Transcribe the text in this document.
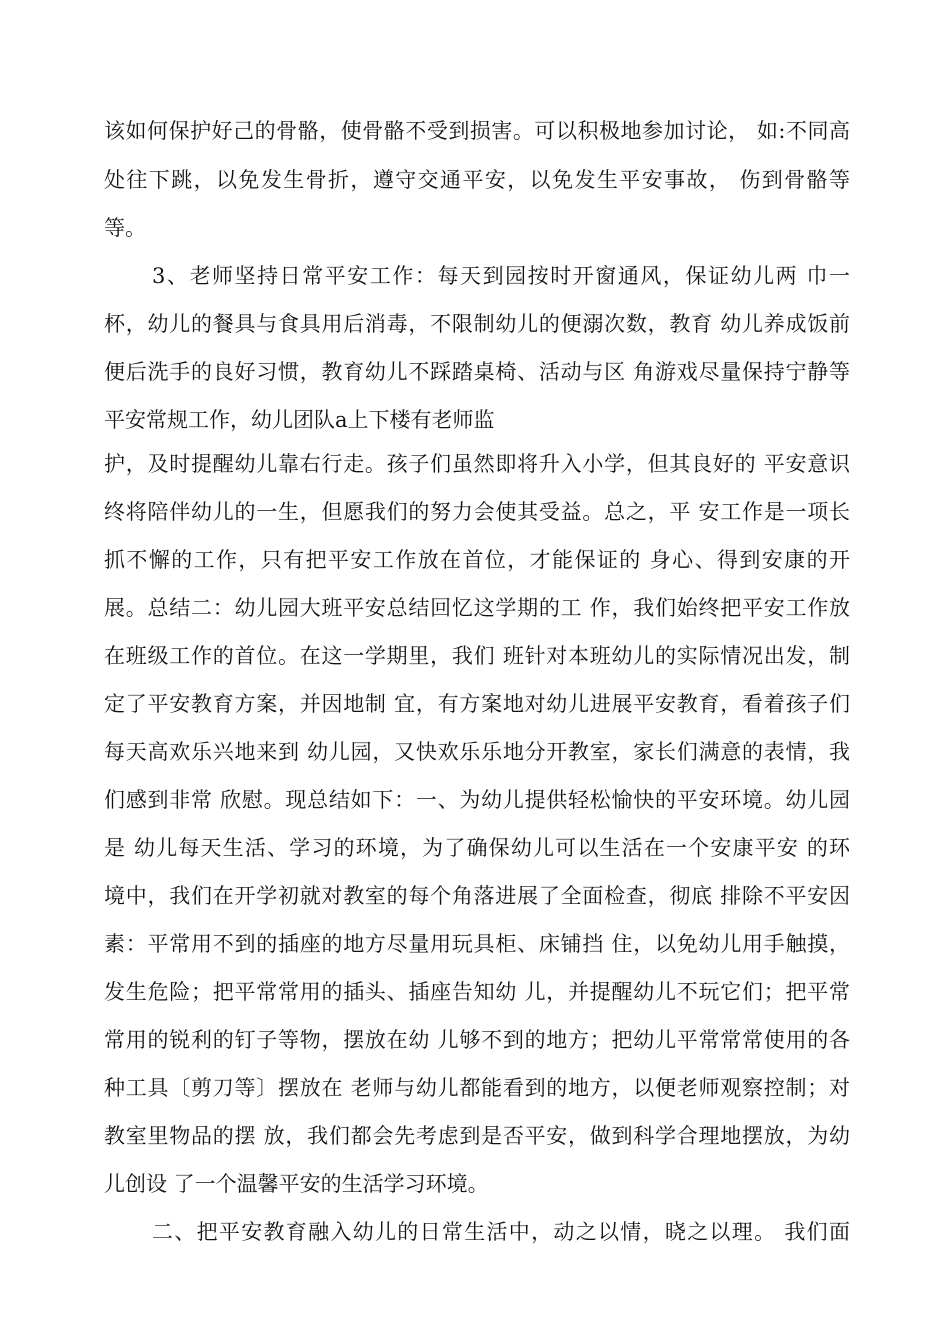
该如何保护好己的骨骼，使骨骼不受到损害。可以积极地参加讨论， 如:不同高
处往下跳，以免发生骨折，遵守交通平安，以免发生平安事故， 伤到骨骼等
等。
3、老师坚持日常平安工作：每天到园按时开窗通风，保证幼儿两 巾一
杯，幼儿的餐具与食具用后消毒，不限制幼儿的便溺次数，教育 幼儿养成饭前
便后洗手的良好习惯，教育幼儿不踩踏桌椅、活动与区 角游戏尽量保持宁静等
平安常规工作，幼儿团队a上下楼有老师监
护，及时提醒幼儿靠右行走。孩子们虽然即将升入小学，但其良好的 平安意识
终将陪伴幼儿的一生，但愿我们的努力会使其受益。总之，平 安工作是一项长
抓不懈的工作，只有把平安工作放在首位，才能保证的 身心、得到安康的开
展。总结二：幼儿园大班平安总结回忆这学期的工 作，我们始终把平安工作放
在班级工作的首位。在这一学期里，我们 班针对本班幼儿的实际情况出发，制
定了平安教育方案，并因地制 宜，有方案地对幼儿进展平安教育，看着孩子们
每天高欢乐兴地来到 幼儿园，又快欢乐乐地分开教室，家长们满意的表情，我
们感到非常 欣慰。现总结如下：一、为幼儿提供轻松愉快的平安环境。幼儿园
是 幼儿每天生活、学习的环境，为了确保幼儿可以生活在一个安康平安 的环
境中，我们在开学初就对教室的每个角落进展了全面检查，彻底 排除不平安因
素：平常用不到的插座的地方尽量用玩具柜、床铺挡 住，以免幼儿用手触摸，
发生危险；把平常常用的插头、插座告知幼 儿，并提醒幼儿不玩它们；把平常
常用的锐利的钉子等物，摆放在幼 儿够不到的地方；把幼儿平常常常使用的各
种工具〔剪刀等〕摆放在 老师与幼儿都能看到的地方，以便老师观察控制；对
教室里物品的摆 放，我们都会先考虑到是否平安，做到科学合理地摆放，为幼
儿创设 了一个温馨平安的生活学习环境。
二、把平安教育融入幼儿的日常生活中，动之以情，晓之以理。 我们面
